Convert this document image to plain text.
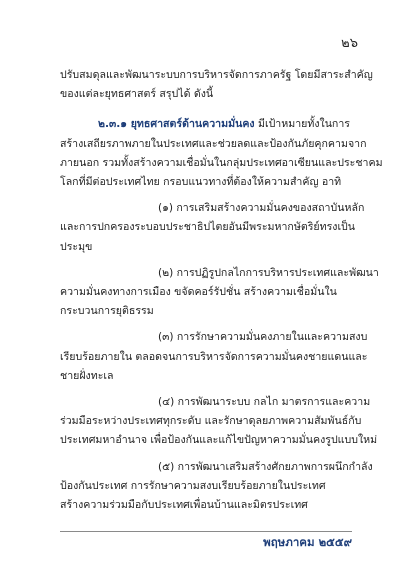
๒๖
ปรับสมดุลและพัฒนาระบบการบริหารจัดการภาครัฐ โดยมีสาระสำคัญ
ของแต่ละยุทธศาสตร์ สรุปได้ ดังนี้
๒.๓.๑ ยุทธศาสตร์ด้านความมั่นคง มีเป้าหมายทั้งในการ
สร้างเสถียรภาพภายในประเทศและช่วยลดและป้องกันภัยคุกคามจาก
ภายนอก รวมทั้งสร้างความเชื่อมั่นในกลุ่มประเทศอาเซียนและประชาคม
โลกที่มีต่อประเทศไทย กรอบแนวทางที่ต้องให้ความสำคัญ อาทิ
(๑) การเสริมสร้างความมั่นคงของสถาบันหลัก
และการปกครองระบอบประชาธิปไตยอันมีพระมหากษัตริย์ทรงเป็น
ประมุข
(๒) การปฏิรูปกลไกการบริหารประเทศและพัฒนา
ความมั่นคงทางการเมือง ขจัดคอร์รัปชั่น สร้างความเชื่อมั่นใน
กระบวนการยุติธรรม
(๓) การรักษาความมั่นคงภายในและความสงบ
เรียบร้อยภายใน ตลอดจนการบริหารจัดการความมั่นคงชายแดนและ
ชายฝั่งทะเล
(๔) การพัฒนาระบบ กลไก มาตรการและความ
ร่วมมือระหว่างประเทศทุกระดับ และรักษาดุลยภาพความสัมพันธ์กับ
ประเทศมหาอำนาจ เพื่อป้องกันและแก้ไขปัญหาความมั่นคงรูปแบบใหม่
(๕) การพัฒนาเสริมสร้างศักยภาพการผนึกกำลัง
ป้องกันประเทศ การรักษาความสงบเรียบร้อยภายในประเทศ
สร้างความร่วมมือกับประเทศเพื่อนบ้านและมิตรประเทศ
พฤษภาคม ๒๕๕๙
